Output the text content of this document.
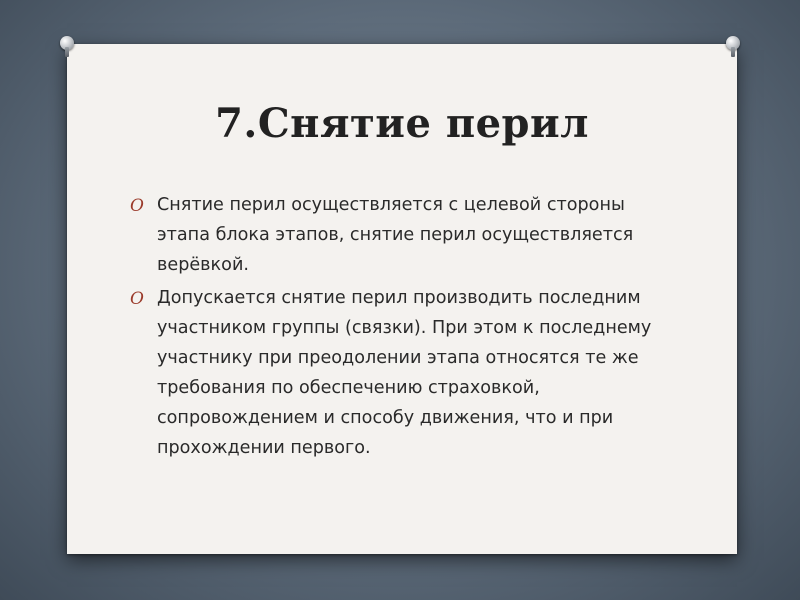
7.Снятие перил
O Снятие перил осуществляется с целевой стороны этапа блока этапов, снятие перил осуществляется верёвкой.
O Допускается снятие перил производить последним участником группы (связки). При этом к последнему участнику при преодолении этапа относятся те же требования по обеспечению страховкой, сопровождением и способу движения, что и при прохождении первого.
